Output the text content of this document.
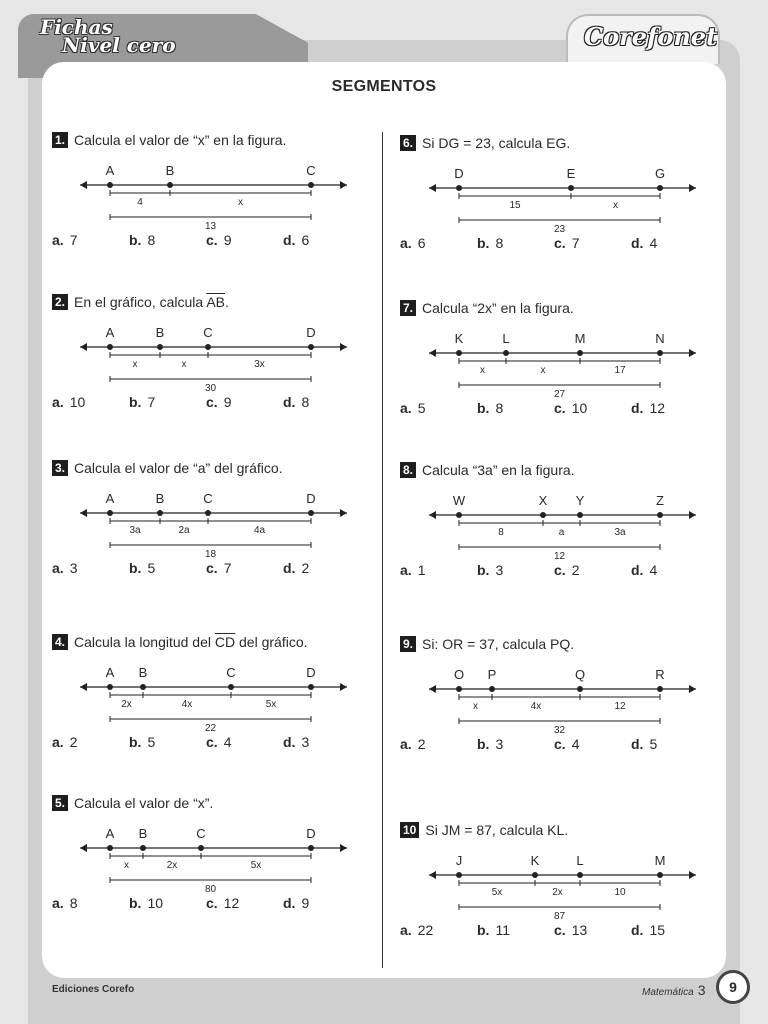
Fichas
Nivel cero	Corefonet
SEGMENTOS
1. Calcula el valor de “x” en la figura.
A	B	C
4	x
13
a. 7	b. 8	c. 9	d. 6
2. En el gráfico, calcula $\overline{AB}$.
A	B	C	D
x	x	3x
30
a. 10	b. 7	c. 9	d. 8
3. Calcula el valor de “a” del gráfico.
A	B	C	D
3a	2a	4a
18
a. 3	b. 5	c. 7	d. 2
4. Calcula la longitud del $\overline{CD}$ del gráfico.
A B	C	D
2x	4x	5x
22
a. 2	b. 5	c. 4	d. 3
5. Calcula el valor de “x”.
A B	C	D
x	2x	5x
80
a. 8	b. 10	c. 12	d. 9
6. Si DG = 23, calcula EG.
D	E	G
15	x
23
a. 6	b. 8	c. 7	d. 4
7. Calcula “2x” en la figura.
K	L	M	N
x	x	17
27
a. 5	b. 8	c. 10	d. 12
8. Calcula “3a” en la figura.
W	X Y	Z
8	a	3a
12
a. 1	b. 3	c. 2	d. 4
9. Si: OR = 37, calcula PQ.
O P	Q	R
x	4x	12
32
a. 2	b. 3	c. 4	d. 5
10 Si JM = 87, calcula KL.
J	K	L	M
5x	2x	10
87
a. 22	b. 11	c. 13	d. 15
Ediciones Corefo	Matemática 3	9
